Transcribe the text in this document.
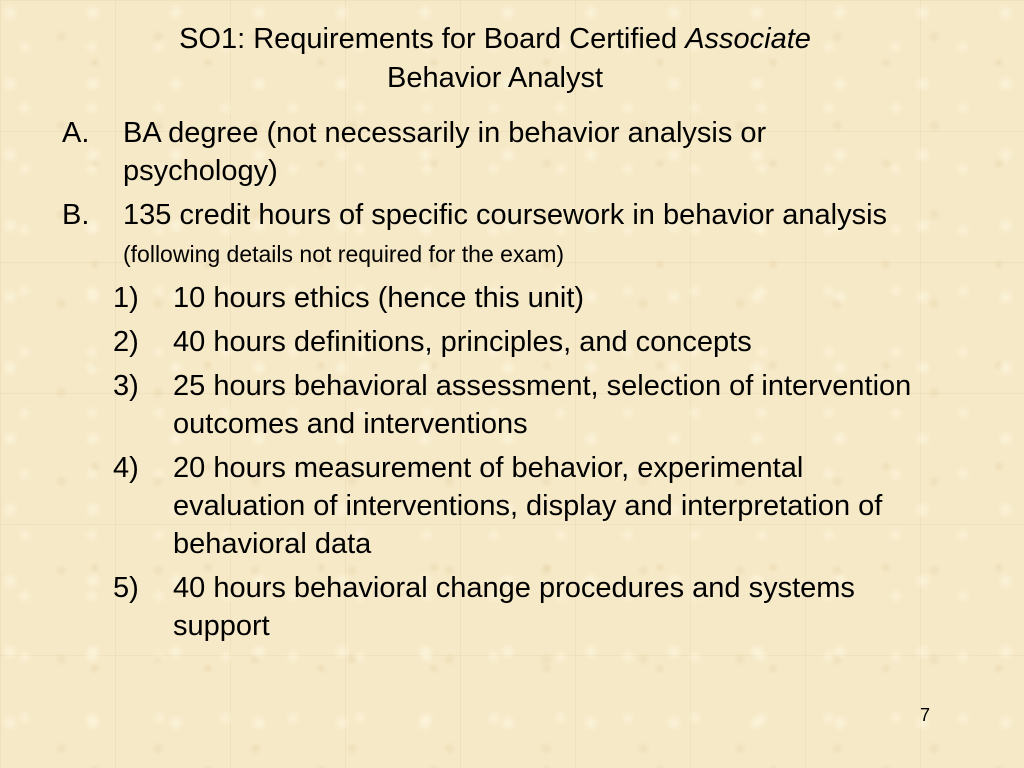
SO1: Requirements for Board Certified Associate
Behavior Analyst
A. BA degree (not necessarily in behavior analysis or psychology)
B. 135 credit hours of specific coursework in behavior analysis (following details not required for the exam)
1) 10 hours ethics (hence this unit)
2) 40 hours definitions, principles, and concepts
3) 25 hours behavioral assessment, selection of intervention outcomes and interventions
4) 20 hours measurement of behavior, experimental evaluation of interventions, display and interpretation of behavioral data
5) 40 hours behavioral change procedures and systems support
7
